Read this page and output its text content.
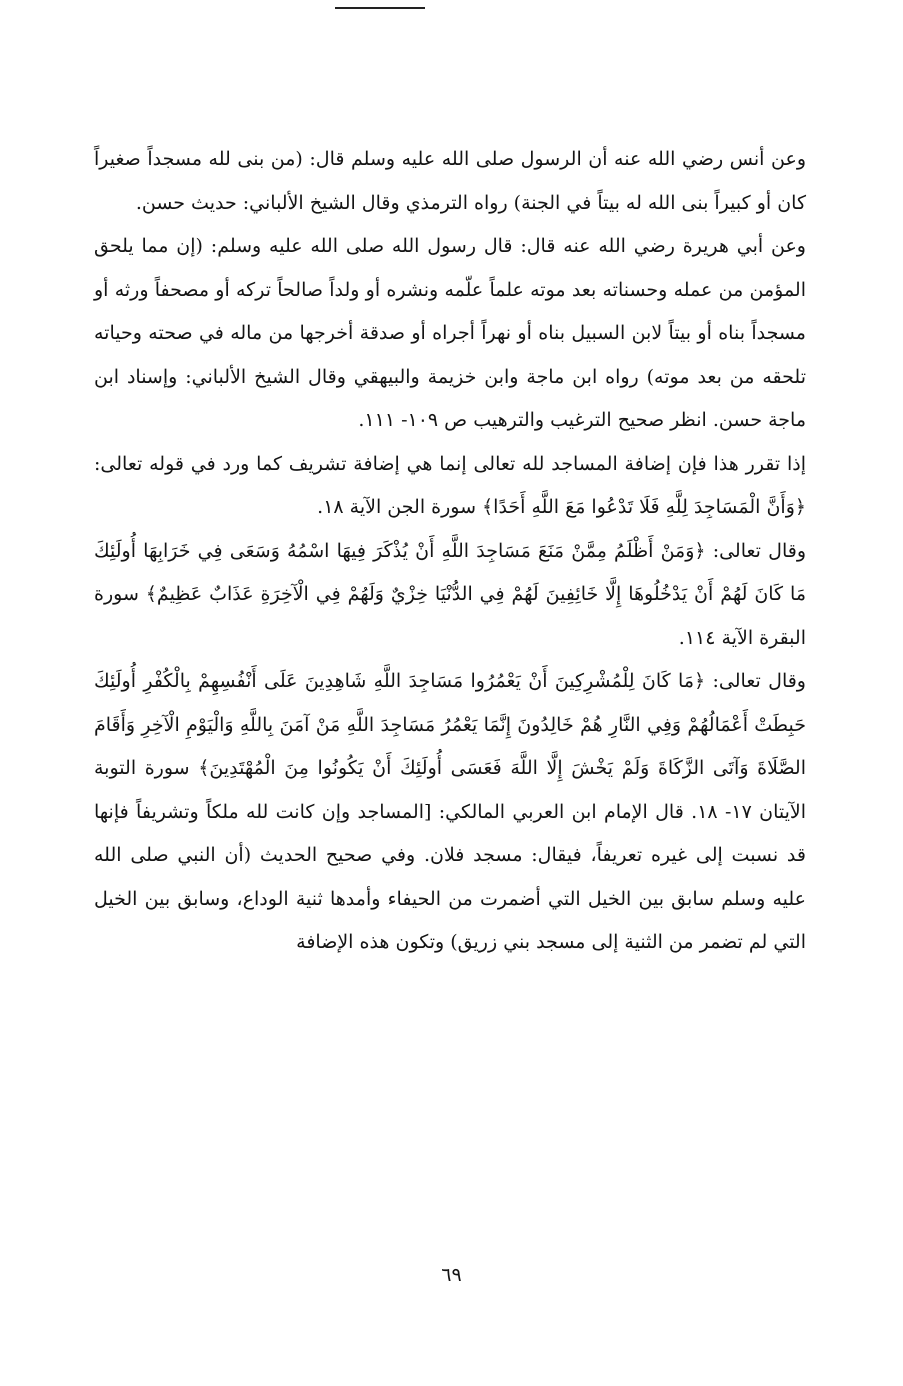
وعن أنس رضي الله عنه أن الرسول صلى الله عليه وسلم قال: (من بنى لله مسجداً صغيراً كان أو كبيراً بنى الله له بيتاً في الجنة) رواه الترمذي وقال الشيخ الألباني: حديث حسن.

وعن أبي هريرة رضي الله عنه قال: قال رسول الله صلى الله عليه وسلم: (إن مما يلحق المؤمن من عمله وحسناته بعد موته علماً علّمه ونشره أو ولداً صالحاً تركه أو مصحفاً ورثه أو مسجداً بناه أو بيتاً لابن السبيل بناه أو نهراً أجراه أو صدقة أخرجها من ماله في صحته وحياته تلحقه من بعد موته) رواه ابن ماجة وابن خزيمة والبيهقي وقال الشيخ الألباني: وإسناد ابن ماجة حسن. انظر صحيح الترغيب والترهيب ص ١٠٩- ١١١.

إذا تقرر هذا فإن إضافة المساجد لله تعالى إنما هي إضافة تشريف كما ورد في قوله تعالى: ﴿وَأَنَّ الْمَسَاجِدَ لِلَّهِ فَلَا تَدْعُوا مَعَ اللَّهِ أَحَدًا﴾ سورة الجن الآية ١٨.

وقال تعالى: ﴿وَمَنْ أَظْلَمُ مِمَّنْ مَنَعَ مَسَاجِدَ اللَّهِ أَنْ يُذْكَرَ فِيهَا اسْمُهُ وَسَعَى فِي خَرَابِهَا أُولَئِكَ مَا كَانَ لَهُمْ أَنْ يَدْخُلُوهَا إِلَّا خَائِفِينَ لَهُمْ فِي الدُّنْيَا خِزْيٌ وَلَهُمْ فِي الْآخِرَةِ عَذَابٌ عَظِيمٌ﴾ سورة البقرة الآية ١١٤.

وقال تعالى: ﴿مَا كَانَ لِلْمُشْرِكِينَ أَنْ يَعْمُرُوا مَسَاجِدَ اللَّهِ شَاهِدِينَ عَلَى أَنْفُسِهِمْ بِالْكُفْرِ أُولَئِكَ حَبِطَتْ أَعْمَالُهُمْ وَفِي النَّارِ هُمْ خَالِدُونَ إِنَّمَا يَعْمُرُ مَسَاجِدَ اللَّهِ مَنْ آمَنَ بِاللَّهِ وَالْيَوْمِ الْآخِرِ وَأَقَامَ الصَّلَاةَ وَآتَى الزَّكَاةَ وَلَمْ يَخْشَ إِلَّا اللَّهَ فَعَسَى أُولَئِكَ أَنْ يَكُونُوا مِنَ الْمُهْتَدِينَ﴾ سورة التوبة الآيتان ١٧- ١٨. قال الإمام ابن العربي المالكي: [المساجد وإن كانت لله ملكاً وتشريفاً فإنها قد نسبت إلى غيره تعريفاً، فيقال: مسجد فلان. وفي صحيح الحديث (أن النبي صلى الله عليه وسلم سابق بين الخيل التي أضمرت من الحيفاء وأمدها ثنية الوداع، وسابق بين الخيل التي لم تضمر من الثنية إلى مسجد بني زريق) وتكون هذه الإضافة

٦٩
